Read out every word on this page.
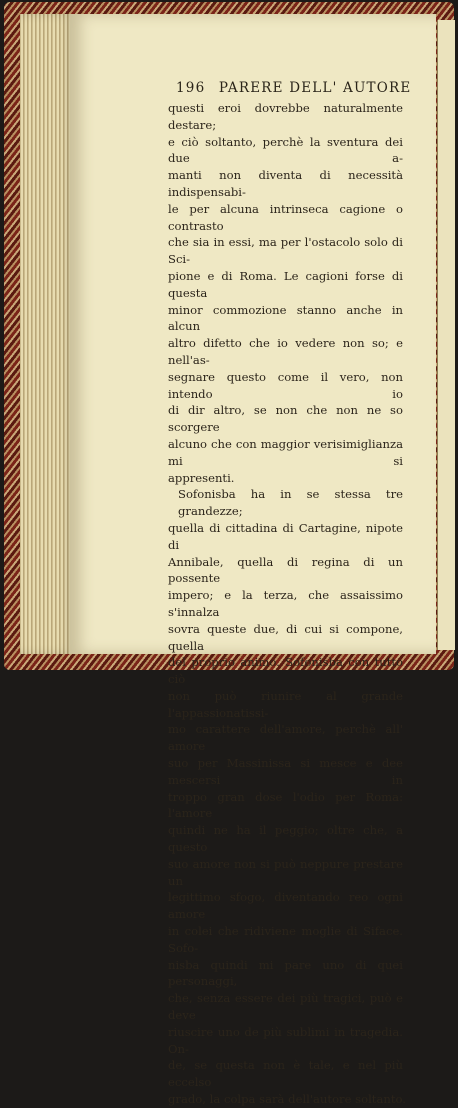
196 PARERE DELL' AUTORE
questi eroi dovrebbe naturalmente destare;
e ciò soltanto, perchè la sventura dei due a-
manti non diventa di necessità indispensabi-
le per alcuna intrinseca cagione o contrasto
che sia in essi, ma per l'ostacolo solo di Sci-
pione e di Roma. Le cagioni forse di questa
minor commozione stanno anche in alcun
altro difetto che io vedere non so; e nell'as-
segnare questo come il vero, non intendo io
di dir altro, se non che non ne so scorgere
alcuno che con maggior verisimiglianza mi si
appresenti.
Sofonisba ha in se stessa tre grandezze;
quella di cittadina di Cartagine, nipote di
Annibale, quella di regina di un possente
impero; e la terza, che assaissimo s'innalza
sovra queste due, di cui si compone, quella
del proprio animo. Sofonisba con tutto ciò
non può riunire al grande l'appassionatissi-
mo carattere dell'amore, perchè all' amore
suo per Massinissa si mesce e dee mescersi in
troppo gran dose l'odio per Roma: l'amore
quindi ne ha il peggio; oltre che, a questo
suo amore non si può neppure prestare un
legittimo sfogo, diventando reo ogni amore
in colei che ridiviene moglie di Siface. Sofo-
nisba quindi mi pare uno di quei personaggi,
che, senza essere dei più tragici, può e deve
riuscire uno de più sublimi in tragedia. On-
de, se questa non è tale, e nel più eccelso
grado, la colpa sarà dell'autore soltanto.
